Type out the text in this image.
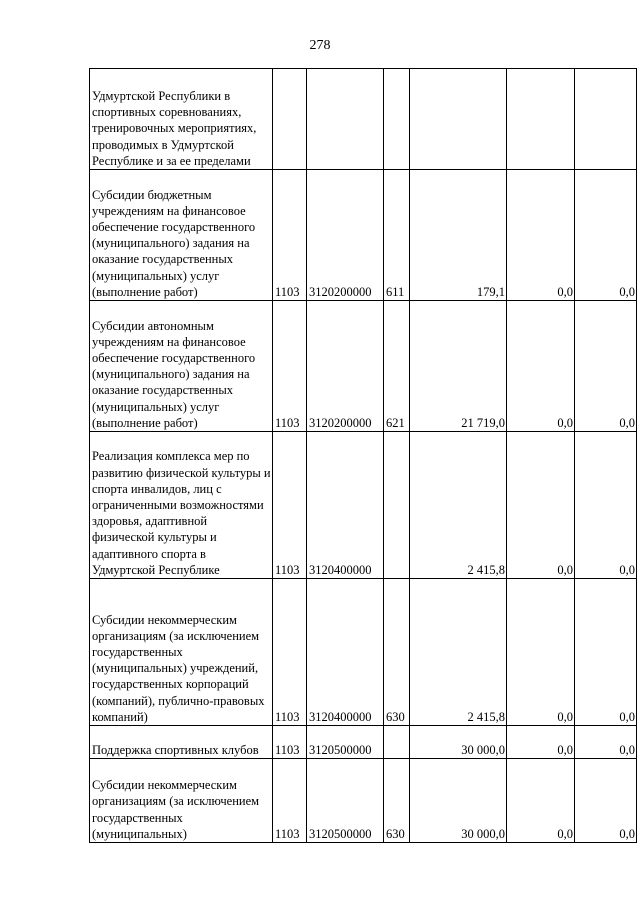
278
Удмуртской Республики в спортивных соревнованиях, тренировочных мероприятиях, проводимых в Удмуртской Республике и за ее пределами						
Субсидии бюджетным учреждениям на финансовое обеспечение государственного (муниципального) задания на оказание государственных (муниципальных) услуг (выполнение работ)	1103	3120200000	611	179,1	0,0	0,0
Субсидии автономным учреждениям на финансовое обеспечение государственного (муниципального) задания на оказание государственных (муниципальных) услуг (выполнение работ)	1103	3120200000	621	21 719,0	0,0	0,0
Реализация комплекса мер по развитию физической культуры и спорта инвалидов, лиц с ограниченными возможностями здоровья, адаптивной физической культуры и адаптивного спорта в Удмуртской Республике	1103	3120400000		2 415,8	0,0	0,0
Субсидии некоммерческим организациям (за исключением государственных (муниципальных) учреждений, государственных корпораций (компаний), публично-правовых компаний)	1103	3120400000	630	2 415,8	0,0	0,0
Поддержка спортивных клубов	1103	3120500000		30 000,0	0,0	0,0
Субсидии некоммерческим организациям (за исключением государственных (муниципальных)	1103	3120500000	630	30 000,0	0,0	0,0
